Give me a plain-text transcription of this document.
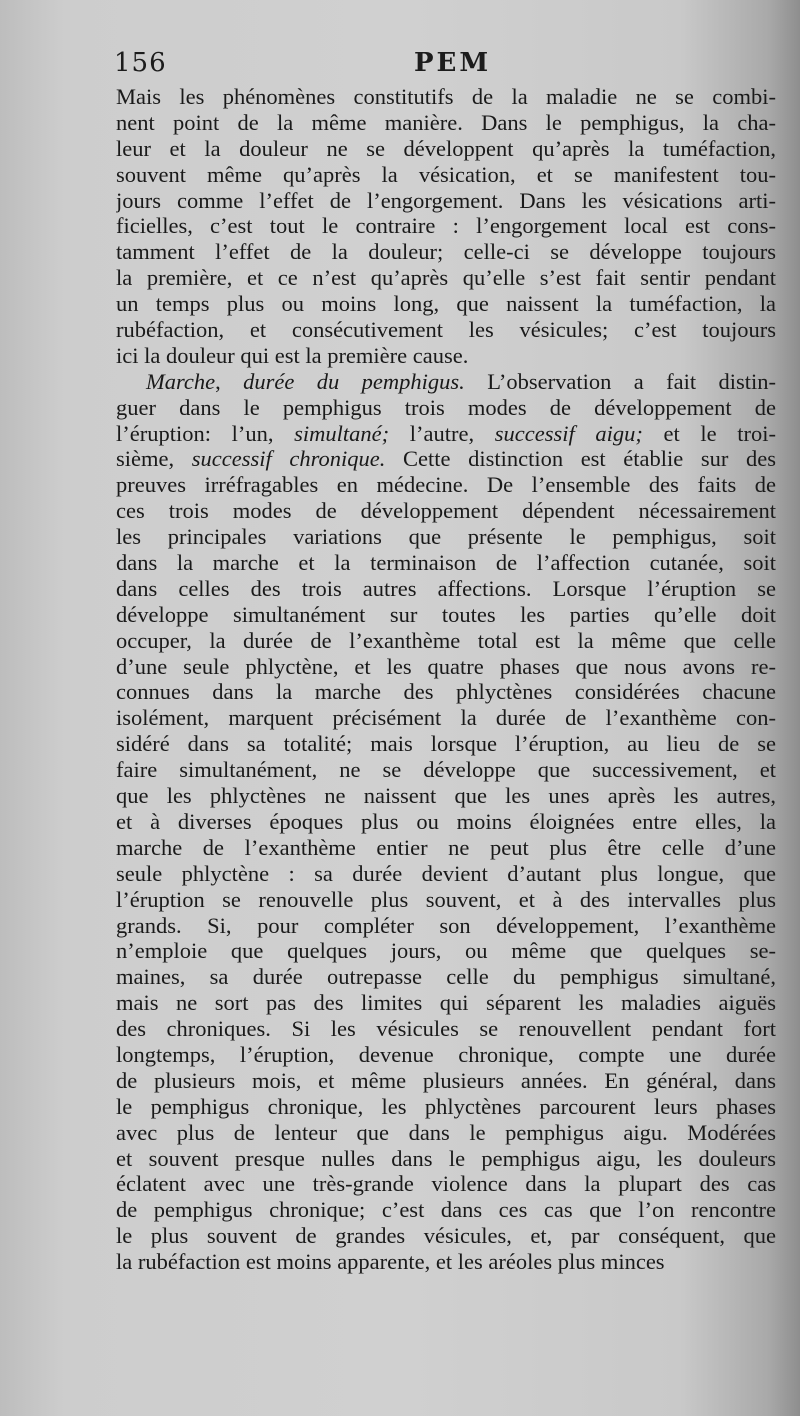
156	PEM
Mais les phénomènes constitutifs de la maladie ne se combi-
nent point de la même manière. Dans le pemphigus, la cha-
leur et la douleur ne se développent qu’après la tuméfaction,
souvent même qu’après la vésication, et se manifestent tou-
jours comme l’effet de l’engorgement. Dans les vésications arti-
ficielles, c’est tout le contraire : l’engorgement local est cons-
tamment l’effet de la douleur; celle-ci se développe toujours
la première, et ce n’est qu’après qu’elle s’est fait sentir pendant
un temps plus ou moins long, que naissent la tuméfaction, la
rubéfaction, et consécutivement les vésicules; c’est toujours
ici la douleur qui est la première cause.
Marche, durée du pemphigus. L’observation a fait distin-
guer dans le pemphigus trois modes de développement de
l’éruption: l’un, simultané; l’autre, successif aigu; et le troi-
sième, successif chronique. Cette distinction est établie sur des
preuves irréfragables en médecine. De l’ensemble des faits de
ces trois modes de développement dépendent nécessairement
les principales variations que présente le pemphigus, soit
dans la marche et la terminaison de l’affection cutanée, soit
dans celles des trois autres affections. Lorsque l’éruption se
développe simultanément sur toutes les parties qu’elle doit
occuper, la durée de l’exanthème total est la même que celle
d’une seule phlyctène, et les quatre phases que nous avons re-
connues dans la marche des phlyctènes considérées chacune
isolément, marquent précisément la durée de l’exanthème con-
sidéré dans sa totalité; mais lorsque l’éruption, au lieu de se
faire simultanément, ne se développe que successivement, et
que les phlyctènes ne naissent que les unes après les autres,
et à diverses époques plus ou moins éloignées entre elles, la
marche de l’exanthème entier ne peut plus être celle d’une
seule phlyctène : sa durée devient d’autant plus longue, que
l’éruption se renouvelle plus souvent, et à des intervalles plus
grands. Si, pour compléter son développement, l’exanthème
n’emploie que quelques jours, ou même que quelques se-
maines, sa durée outrepasse celle du pemphigus simultané,
mais ne sort pas des limites qui séparent les maladies aiguës
des chroniques. Si les vésicules se renouvellent pendant fort
longtemps, l’éruption, devenue chronique, compte une durée
de plusieurs mois, et même plusieurs années. En général, dans
le pemphigus chronique, les phlyctènes parcourent leurs phases
avec plus de lenteur que dans le pemphigus aigu. Modérées
et souvent presque nulles dans le pemphigus aigu, les douleurs
éclatent avec une très-grande violence dans la plupart des cas
de pemphigus chronique; c’est dans ces cas que l’on rencontre
le plus souvent de grandes vésicules, et, par conséquent, que
la rubéfaction est moins apparente, et les aréoles plus minces
